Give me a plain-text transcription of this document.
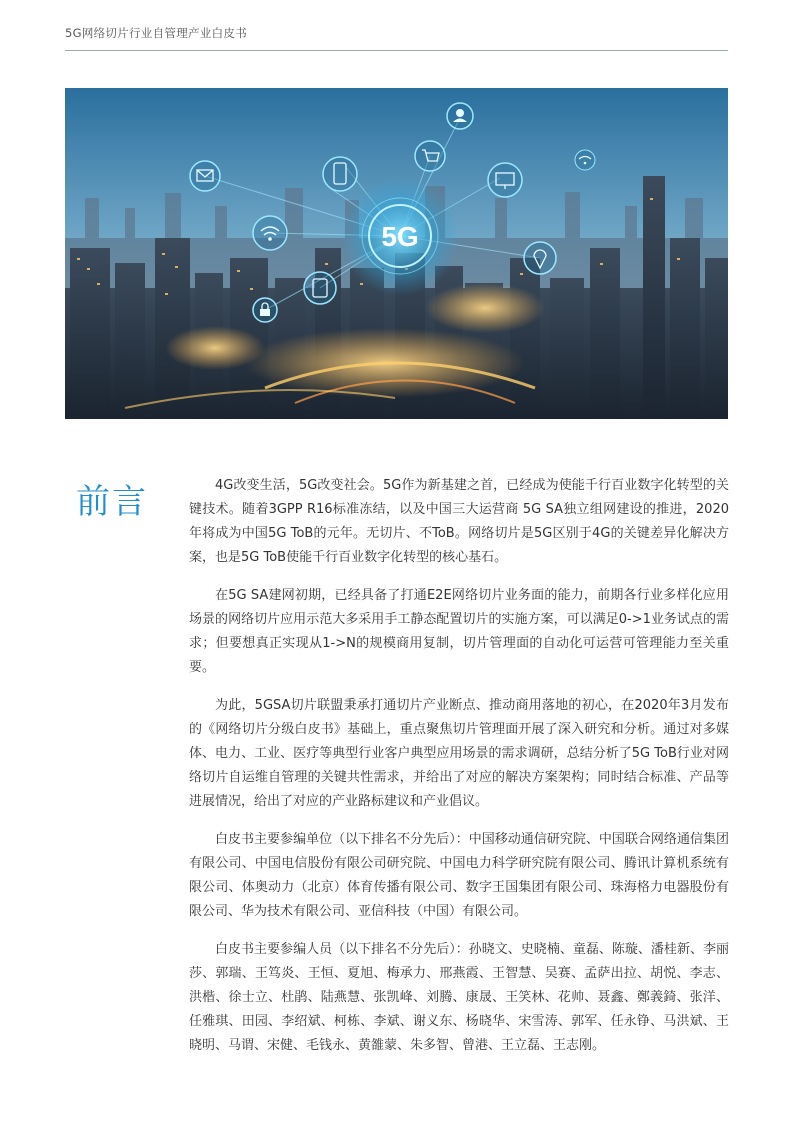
5G网络切片行业自管理产业白皮书
5G
前言	4G改变生活，5G改变社会。5G作为新基建之首，已经成为使能千行百业数字化转型的关键技术。随着3GPP R16标准冻结，以及中国三大运营商 5G SA独立组网建设的推进，2020年将成为中国5G ToB的元年。无切片、不ToB。网络切片是5G区别于4G的关键差异化解决方案，也是5G ToB使能千行百业数字化转型的核心基石。

在5G SA建网初期，已经具备了打通E2E网络切片业务面的能力，前期各行业多样化应用场景的网络切片应用示范大多采用手工静态配置切片的实施方案，可以满足0->1业务试点的需求；但要想真正实现从1->N的规模商用复制，切片管理面的自动化可运营可管理能力至关重要。

为此，5GSA切片联盟秉承打通切片产业断点、推动商用落地的初心，在2020年3月发布的《网络切片分级白皮书》基础上，重点聚焦切片管理面开展了深入研究和分析。通过对多媒体、电力、工业、医疗等典型行业客户典型应用场景的需求调研，总结分析了5G ToB行业对网络切片自运维自管理的关键共性需求，并给出了对应的解决方案架构；同时结合标准、产品等进展情况，给出了对应的产业路标建议和产业倡议。

白皮书主要参编单位（以下排名不分先后）：中国移动通信研究院、中国联合网络通信集团有限公司、中国电信股份有限公司研究院、中国电力科学研究院有限公司、腾讯计算机系统有限公司、体奥动力（北京）体育传播有限公司、数字王国集团有限公司、珠海格力电器股份有限公司、华为技术有限公司、亚信科技（中国）有限公司。

白皮书主要参编人员（以下排名不分先后）：孙晓文、史晓楠、童磊、陈璇、潘桂新、李丽莎、郭瑞、王笃炎、王恒、夏旭、梅承力、邢燕霞、王智慧、吴赛、孟萨出拉、胡悦、李志、洪楷、徐士立、杜鹃、陆燕慧、张凯峰、刘腾、康晟、王笑林、花帅、聂鑫、鄭義錡、张洋、任雅琪、田园、李绍斌、柯栋、李斌、谢义东、杨晓华、宋雪涛、郭军、任永铮、马洪斌、王晓明、马谓、宋健、毛钱永、黄雒蒙、朱多智、曾港、王立磊、王志刚。
